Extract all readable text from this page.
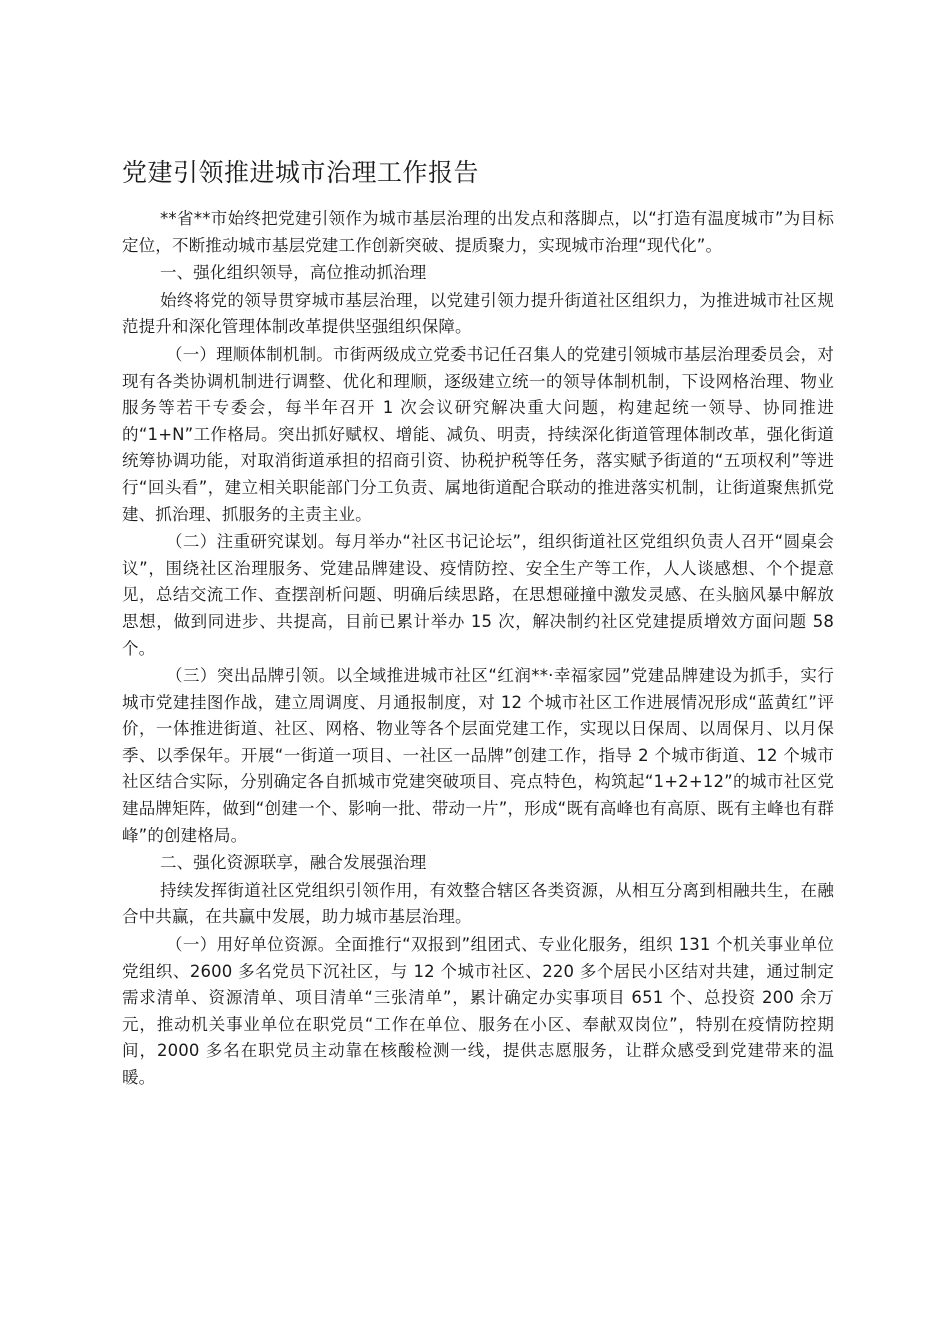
党建引领推进城市治理工作报告

**省**市始终把党建引领作为城市基层治理的出发点和落脚点，以“打造有温度城市”为目标定位，不断推动城市基层党建工作创新突破、提质聚力，实现城市治理“现代化”。

一、强化组织领导，高位推动抓治理

始终将党的领导贯穿城市基层治理，以党建引领力提升街道社区组织力，为推进城市社区规范提升和深化管理体制改革提供坚强组织保障。

（一）理顺体制机制。市街两级成立党委书记任召集人的党建引领城市基层治理委员会，对现有各类协调机制进行调整、优化和理顺，逐级建立统一的领导体制机制，下设网格治理、物业服务等若干专委会，每半年召开 1 次会议研究解决重大问题，构建起统一领导、协同推进的“1+N”工作格局。突出抓好赋权、增能、减负、明责，持续深化街道管理体制改革，强化街道统筹协调功能，对取消街道承担的招商引资、协税护税等任务，落实赋予街道的“五项权利”等进行“回头看”，建立相关职能部门分工负责、属地街道配合联动的推进落实机制，让街道聚焦抓党建、抓治理、抓服务的主责主业。

（二）注重研究谋划。每月举办“社区书记论坛”，组织街道社区党组织负责人召开“圆桌会议”，围绕社区治理服务、党建品牌建设、疫情防控、安全生产等工作，人人谈感想、个个提意见，总结交流工作、查摆剖析问题、明确后续思路，在思想碰撞中激发灵感、在头脑风暴中解放思想，做到同进步、共提高，目前已累计举办 15 次，解决制约社区党建提质增效方面问题 58 个。

（三）突出品牌引领。以全域推进城市社区“红润**·幸福家园”党建品牌建设为抓手，实行城市党建挂图作战，建立周调度、月通报制度，对 12 个城市社区工作进展情况形成“蓝黄红”评价，一体推进街道、社区、网格、物业等各个层面党建工作，实现以日保周、以周保月、以月保季、以季保年。开展“一街道一项目、一社区一品牌”创建工作，指导 2 个城市街道、12 个城市社区结合实际，分别确定各自抓城市党建突破项目、亮点特色，构筑起“1+2+12”的城市社区党建品牌矩阵，做到“创建一个、影响一批、带动一片”，形成“既有高峰也有高原、既有主峰也有群峰”的创建格局。

二、强化资源联享，融合发展强治理

持续发挥街道社区党组织引领作用，有效整合辖区各类资源，从相互分离到相融共生，在融合中共赢，在共赢中发展，助力城市基层治理。

（一）用好单位资源。全面推行“双报到”组团式、专业化服务，组织 131 个机关事业单位党组织、2600 多名党员下沉社区，与 12 个城市社区、220 多个居民小区结对共建，通过制定需求清单、资源清单、项目清单“三张清单”，累计确定办实事项目 651 个、总投资 200 余万元，推动机关事业单位在职党员“工作在单位、服务在小区、奉献双岗位”，特别在疫情防控期间，2000 多名在职党员主动靠在核酸检测一线，提供志愿服务，让群众感受到党建带来的温暖。
